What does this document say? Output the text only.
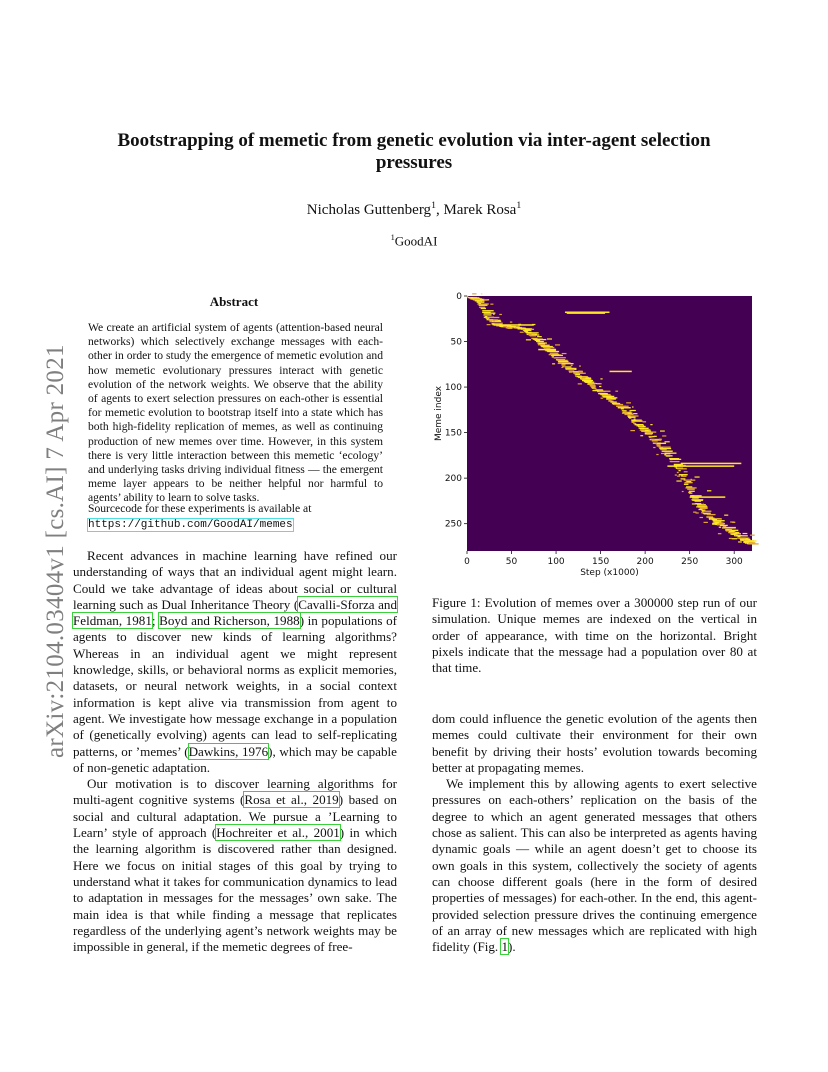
arXiv:2104.03404v1 [cs.AI] 7 Apr 2021
Bootstrapping of memetic from genetic evolution via inter-agent selection pressures

Nicholas Guttenberg$^1$, Marek Rosa$^1$

$^1$GoodAI

Abstract

We create an artificial system of agents (attention-based neural networks) which selectively exchange messages with each-other in order to study the emergence of memetic evolution and how memetic evolutionary pressures interact with genetic evolution of the network weights. We observe that the ability of agents to exert selection pressures on each-other is essential for memetic evolution to bootstrap itself into a state which has both high-fidelity replication of memes, as well as continuing production of new memes over time. However, in this system there is very little interaction between this memetic ‘ecology’ and underlying tasks driving individual fitness — the emergent meme layer appears to be neither helpful nor harmful to agents’ ability to learn to solve tasks.

Sourcecode for these experiments is available at https://github.com/GoodAI/memes

Recent advances in machine learning have refined our understanding of ways that an individual agent might learn. Could we take advantage of ideas about social or cultural learning such as Dual Inheritance Theory (Cavalli-Sforza and Feldman, 1981; Boyd and Richerson, 1988) in populations of agents to discover new kinds of learning algorithms? Whereas in an individual agent we might represent knowledge, skills, or behavioral norms as explicit memories, datasets, or neural network weights, in a social context information is kept alive via transmission from agent to agent. We investigate how message exchange in a population of (genetically evolving) agents can lead to self-replicating patterns, or ’memes’ (Dawkins, 1976), which may be capable of non-genetic adaptation.

Our motivation is to discover learning algorithms for multi-agent cognitive systems (Rosa et al., 2019) based on social and cultural adaptation. We pursue a ’Learning to Learn’ style of approach (Hochreiter et al., 2001) in which the learning algorithm is discovered rather than designed. Here we focus on initial stages of this goal by trying to understand what it takes for communication dynamics to lead to adaptation in messages for the messages’ own sake. The main idea is that while finding a message that replicates regardless of the underlying agent’s network weights may be impossible in general, if the memetic degrees of free-

0	50	100	150	200	250	300
0
50
100
150
200
250
Step (x1000)
Meme index

Figure 1: Evolution of memes over a 300000 step run of our simulation. Unique memes are indexed on the vertical in order of appearance, with time on the horizontal. Bright pixels indicate that the message had a population over 80 at that time.

dom could influence the genetic evolution of the agents then memes could cultivate their environment for their own benefit by driving their hosts’ evolution towards becoming better at propagating memes.

We implement this by allowing agents to exert selective pressures on each-others’ replication on the basis of the degree to which an agent generated messages that others chose as salient. This can also be interpreted as agents having dynamic goals — while an agent doesn’t get to choose its own goals in this system, collectively the society of agents can choose different goals (here in the form of desired properties of messages) for each-other. In the end, this agent-provided selection pressure drives the continuing emergence of an array of new messages which are replicated with high fidelity (Fig. 1).
